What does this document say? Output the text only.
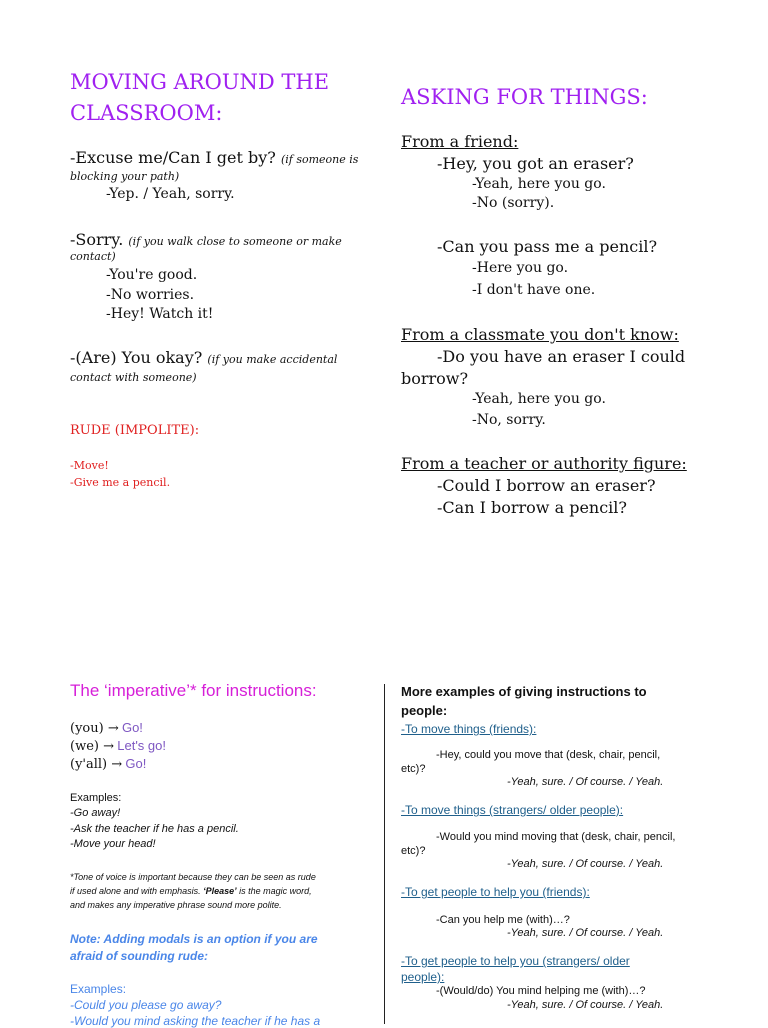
MOVING AROUND THE
CLASSROOM:
-Excuse me/Can I get by? (if someone is
blocking your path)
-Yep. / Yeah, sorry.
-Sorry. (if you walk close to someone or make
contact)
-You're good.
-No worries.
-Hey! Watch it!
-(Are) You okay? (if you make accidental
contact with someone)
RUDE (IMPOLITE):
-Move!
-Give me a pencil.
ASKING FOR THINGS:
From a friend:
-Hey, you got an eraser?
-Yeah, here you go.
-No (sorry).
-Can you pass me a pencil?
-Here you go.
-I don't have one.
From a classmate you don't know:
-Do you have an eraser I could
borrow?
-Yeah, here you go.
-No, sorry.
From a teacher or authority figure:
-Could I borrow an eraser?
-Can I borrow a pencil?
The ‘imperative’* for instructions:
(you) → Go!
(we) → Let's go!
(y'all) → Go!
Examples:
-Go away!
-Ask the teacher if he has a pencil.
-Move your head!
*Tone of voice is important because they can be seen as rude
if used alone and with emphasis. ‘Please’ is the magic word,
and makes any imperative phrase sound more polite.
Note: Adding modals is an option if you are
afraid of sounding rude:
Examples:
-Could you please go away?
-Would you mind asking the teacher if he has a
More examples of giving instructions to
people:
-To move things (friends):
-Hey, could you move that (desk, chair, pencil,
etc)?
-Yeah, sure. / Of course. / Yeah.
-To move things (strangers/ older people):
-Would you mind moving that (desk, chair, pencil,
etc)?
-Yeah, sure. / Of course. / Yeah.
-To get people to help you (friends):
-Can you help me (with)…?
-Yeah, sure. / Of course. / Yeah.
-To get people to help you (strangers/ older
people):
-(Would/do) You mind helping me (with)…?
-Yeah, sure. / Of course. / Yeah.
